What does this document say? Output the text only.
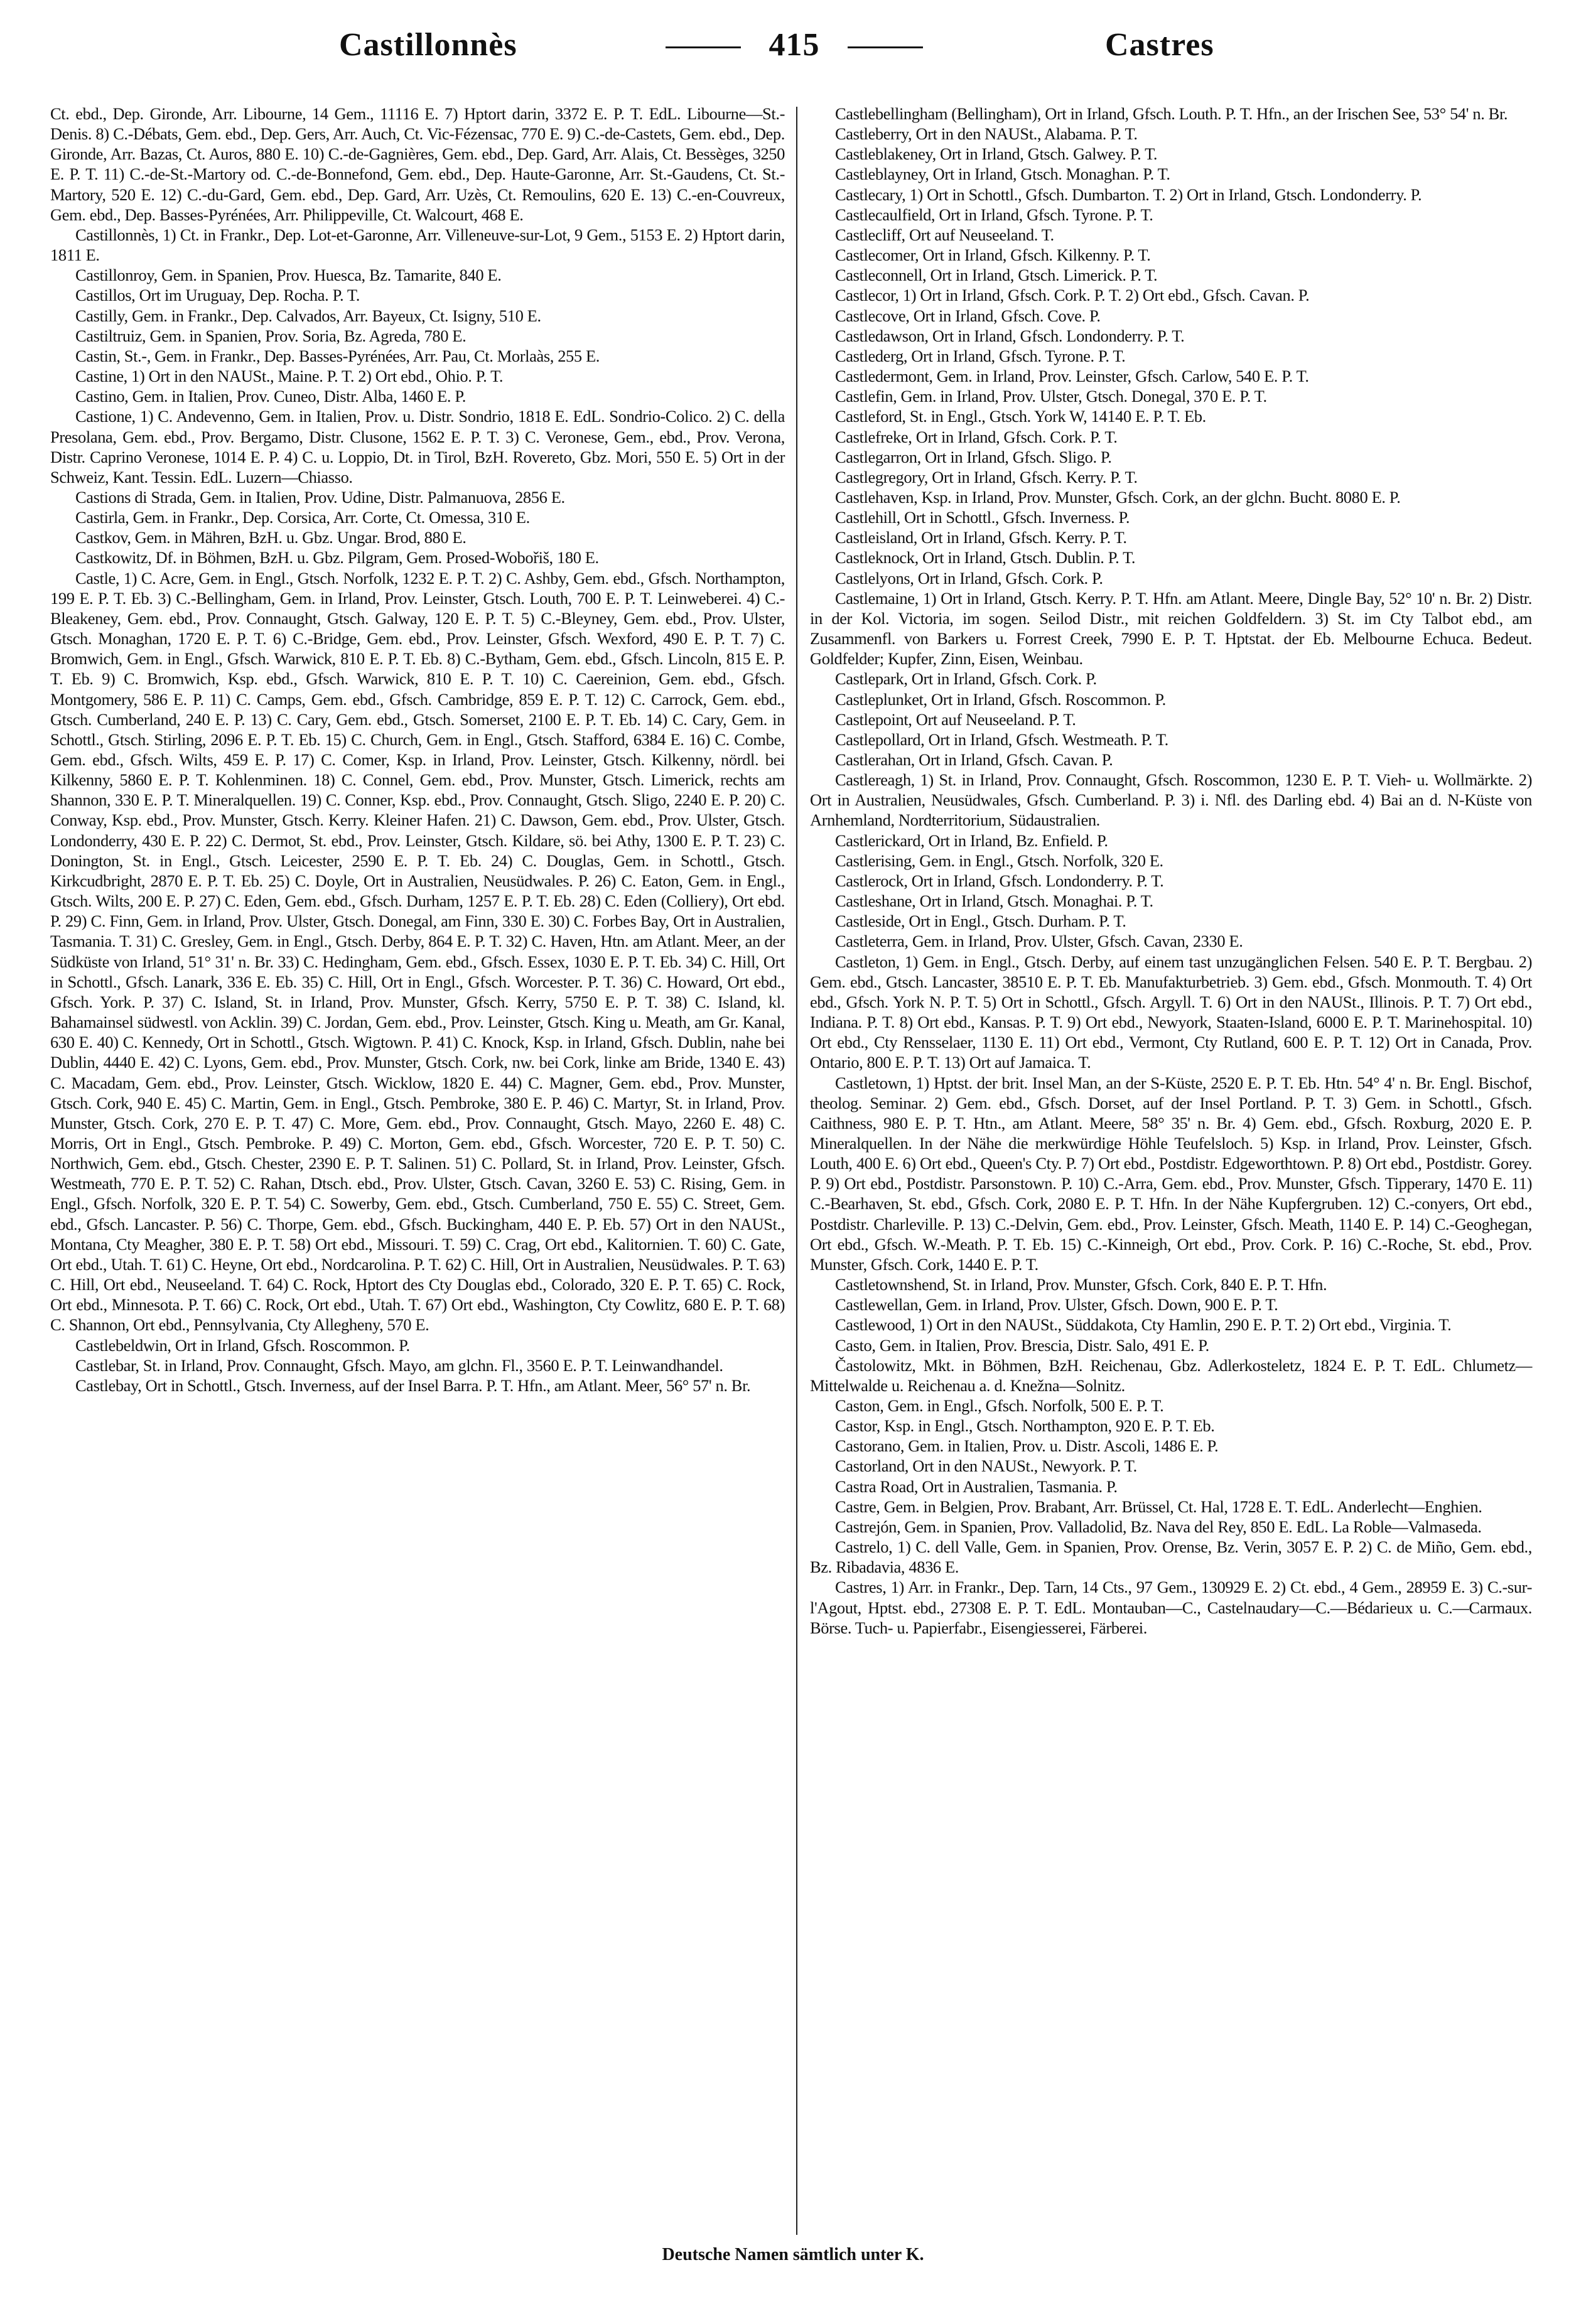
Castillonnès	415	Castres

Ct. ebd., Dep. Gironde, Arr. Libourne, 14 Gem., 11116 E. 7) Hptort darin, 3372 E. P. T. EdL. Libourne—St.-Denis. 8) C.-Débats, Gem. ebd., Dep. Gers, Arr. Auch, Ct. Vic-Fézensac, 770 E. 9) C.-de-Castets, Gem. ebd., Dep. Gironde, Arr. Bazas, Ct. Auros, 880 E. 10) C.-de-Gagnières, Gem. ebd., Dep. Gard, Arr. Alais, Ct. Bessèges, 3250 E. P. T. 11) C.-de-St.-Martory od. C.-de-Bonnefond, Gem. ebd., Dep. Haute-Garonne, Arr. St.-Gaudens, Ct. St.-Martory, 520 E. 12) C.-du-Gard, Gem. ebd., Dep. Gard, Arr. Uzès, Ct. Remoulins, 620 E. 13) C.-en-Couvreux, Gem. ebd., Dep. Basses-Pyrénées, Arr. Philippeville, Ct. Walcourt, 468 E.

Castillonnès, 1) Ct. in Frankr., Dep. Lot-et-Garonne, Arr. Villeneuve-sur-Lot, 9 Gem., 5153 E. 2) Hptort darin, 1811 E.

Castillonroy, Gem. in Spanien, Prov. Huesca, Bz. Tamarite, 840 E.

Castillos, Ort im Uruguay, Dep. Rocha. P. T.

Castilly, Gem. in Frankr., Dep. Calvados, Arr. Bayeux, Ct. Isigny, 510 E.

Castiltruiz, Gem. in Spanien, Prov. Soria, Bz. Agreda, 780 E.

Castin, St.-, Gem. in Frankr., Dep. Basses-Pyrénées, Arr. Pau, Ct. Morlaàs, 255 E.

Castine, 1) Ort in den NAUSt., Maine. P. T. 2) Ort ebd., Ohio. P. T.

Castino, Gem. in Italien, Prov. Cuneo, Distr. Alba, 1460 E. P.

Castione, 1) C. Andevenno, Gem. in Italien, Prov. u. Distr. Sondrio, 1818 E. EdL. Sondrio-Colico. 2) C. della Presolana, Gem. ebd., Prov. Bergamo, Distr. Clusone, 1562 E. P. T. 3) C. Veronese, Gem., ebd., Prov. Verona, Distr. Caprino Veronese, 1014 E. P. 4) C. u. Loppio, Dt. in Tirol, BzH. Rovereto, Gbz. Mori, 550 E. 5) Ort in der Schweiz, Kant. Tessin. EdL. Luzern—Chiasso.

Castions di Strada, Gem. in Italien, Prov. Udine, Distr. Palmanuova, 2856 E.

Castirla, Gem. in Frankr., Dep. Corsica, Arr. Corte, Ct. Omessa, 310 E.

Castkov, Gem. in Mähren, BzH. u. Gbz. Ungar. Brod, 880 E.

Castkowitz, Df. in Böhmen, BzH. u. Gbz. Pilgram, Gem. Prosed-Wobořiš, 180 E.

Castle, 1) C. Acre, Gem. in Engl., Gtsch. Norfolk, 1232 E. P. T. 2) C. Ashby, Gem. ebd., Gfsch. Northampton, 199 E. P. T. Eb. 3) C.-Bellingham, Gem. in Irland, Prov. Leinster, Gtsch. Louth, 700 E. P. T. Leinweberei. 4) C.-Bleakeney, Gem. ebd., Prov. Connaught, Gtsch. Galway, 120 E. P. T. 5) C.-Bleyney, Gem. ebd., Prov. Ulster, Gtsch. Monaghan, 1720 E. P. T. 6) C.-Bridge, Gem. ebd., Prov. Leinster, Gfsch. Wexford, 490 E. P. T. 7) C. Bromwich, Gem. in Engl., Gfsch. Warwick, 810 E. P. T. Eb. 8) C.-Bytham, Gem. ebd., Gfsch. Lincoln, 815 E. P. T. Eb. 9) C. Bromwich, Ksp. ebd., Gfsch. Warwick, 810 E. P. T. 10) C. Caereinion, Gem. ebd., Gfsch. Montgomery, 586 E. P. 11) C. Camps, Gem. ebd., Gfsch. Cambridge, 859 E. P. T. 12) C. Carrock, Gem. ebd., Gtsch. Cumberland, 240 E. P. 13) C. Cary, Gem. ebd., Gtsch. Somerset, 2100 E. P. T. Eb. 14) C. Cary, Gem. in Schottl., Gtsch. Stirling, 2096 E. P. T. Eb. 15) C. Church, Gem. in Engl., Gtsch. Stafford, 6384 E. 16) C. Combe, Gem. ebd., Gfsch. Wilts, 459 E. P. 17) C. Comer, Ksp. in Irland, Prov. Leinster, Gtsch. Kilkenny, nördl. bei Kilkenny, 5860 E. P. T. Kohlenminen. 18) C. Connel, Gem. ebd., Prov. Munster, Gtsch. Limerick, rechts am Shannon, 330 E. P. T. Mineralquellen. 19) C. Conner, Ksp. ebd., Prov. Connaught, Gtsch. Sligo, 2240 E. P. 20) C. Conway, Ksp. ebd., Prov. Munster, Gtsch. Kerry. Kleiner Hafen. 21) C. Dawson, Gem. ebd., Prov. Ulster, Gtsch. Londonderry, 430 E. P. 22) C. Dermot, St. ebd., Prov. Leinster, Gtsch. Kildare, sö. bei Athy, 1300 E. P. T. 23) C. Donington, St. in Engl., Gtsch. Leicester, 2590 E. P. T. Eb. 24) C. Douglas, Gem. in Schottl., Gtsch. Kirkcudbright, 2870 E. P. T. Eb. 25) C. Doyle, Ort in Australien, Neusüdwales. P. 26) C. Eaton, Gem. in Engl., Gtsch. Wilts, 200 E. P. 27) C. Eden, Gem. ebd., Gfsch. Durham, 1257 E. P. T. Eb. 28) C. Eden (Colliery), Ort ebd. P. 29) C. Finn, Gem. in Irland, Prov. Ulster, Gtsch. Donegal, am Finn, 330 E. 30) C. Forbes Bay, Ort in Australien, Tasmania. T. 31) C. Gresley, Gem. in Engl., Gtsch. Derby, 864 E. P. T. 32) C. Haven, Htn. am Atlant. Meer, an der Südküste von Irland, 51° 31' n. Br. 33) C. Hedingham, Gem. ebd., Gfsch. Essex, 1030 E. P. T. Eb. 34) C. Hill, Ort in Schottl., Gfsch. Lanark, 336 E. Eb. 35) C. Hill, Ort in Engl., Gfsch. Worcester. P. T. 36) C. Howard, Ort ebd., Gfsch. York. P. 37) C. Island, St. in Irland, Prov. Munster, Gfsch. Kerry, 5750 E. P. T. 38) C. Island, kl. Bahamainsel südwestl. von Acklin. 39) C. Jordan, Gem. ebd., Prov. Leinster, Gtsch. King u. Meath, am Gr. Kanal, 630 E. 40) C. Kennedy, Ort in Schottl., Gtsch. Wigtown. P. 41) C. Knock, Ksp. in Irland, Gfsch. Dublin, nahe bei Dublin, 4440 E. 42) C. Lyons, Gem. ebd., Prov. Munster, Gtsch. Cork, nw. bei Cork, linke am Bride, 1340 E. 43) C. Macadam, Gem. ebd., Prov. Leinster, Gtsch. Wicklow, 1820 E. 44) C. Magner, Gem. ebd., Prov. Munster, Gtsch. Cork, 940 E. 45) C. Martin, Gem. in Engl., Gtsch. Pembroke, 380 E. P. 46) C. Martyr, St. in Irland, Prov. Munster, Gtsch. Cork, 270 E. P. T. 47) C. More, Gem. ebd., Prov. Connaught, Gtsch. Mayo, 2260 E. 48) C. Morris, Ort in Engl., Gtsch. Pembroke. P. 49) C. Morton, Gem. ebd., Gfsch. Worcester, 720 E. P. T. 50) C. Northwich, Gem. ebd., Gtsch. Chester, 2390 E. P. T. Salinen. 51) C. Pollard, St. in Irland, Prov. Leinster, Gfsch. Westmeath, 770 E. P. T. 52) C. Rahan, Dtsch. ebd., Prov. Ulster, Gtsch. Cavan, 3260 E. 53) C. Rising, Gem. in Engl., Gfsch. Norfolk, 320 E. P. T. 54) C. Sowerby, Gem. ebd., Gtsch. Cumberland, 750 E. 55) C. Street, Gem. ebd., Gfsch. Lancaster. P. 56) C. Thorpe, Gem. ebd., Gfsch. Buckingham, 440 E. P. Eb. 57) Ort in den NAUSt., Montana, Cty Meagher, 380 E. P. T. 58) Ort ebd., Missouri. T. 59) C. Crag, Ort ebd., Kalitornien. T. 60) C. Gate, Ort ebd., Utah. T. 61) C. Heyne, Ort ebd., Nordcarolina. P. T. 62) C. Hill, Ort in Australien, Neusüdwales. P. T. 63) C. Hill, Ort ebd., Neuseeland. T. 64) C. Rock, Hptort des Cty Douglas ebd., Colorado, 320 E. P. T. 65) C. Rock, Ort ebd., Minnesota. P. T. 66) C. Rock, Ort ebd., Utah. T. 67) Ort ebd., Washington, Cty Cowlitz, 680 E. P. T. 68) C. Shannon, Ort ebd., Pennsylvania, Cty Allegheny, 570 E.

Castlebeldwin, Ort in Irland, Gfsch. Roscommon. P.

Castlebar, St. in Irland, Prov. Connaught, Gfsch. Mayo, am glchn. Fl., 3560 E. P. T. Leinwandhandel.

Castlebay, Ort in Schottl., Gtsch. Inverness, auf der Insel Barra. P. T. Hfn., am Atlant. Meer, 56° 57' n. Br.

Castlebellingham (Bellingham), Ort in Irland, Gfsch. Louth. P. T. Hfn., an der Irischen See, 53° 54' n. Br.

Castleberry, Ort in den NAUSt., Alabama. P. T.

Castleblakeney, Ort in Irland, Gtsch. Galwey. P. T.

Castleblayney, Ort in Irland, Gtsch. Monaghan. P. T.

Castlecary, 1) Ort in Schottl., Gfsch. Dumbarton. T. 2) Ort in Irland, Gtsch. Londonderry. P.

Castlecaulfield, Ort in Irland, Gfsch. Tyrone. P. T.

Castlecliff, Ort auf Neuseeland. T.

Castlecomer, Ort in Irland, Gfsch. Kilkenny. P. T.

Castleconnell, Ort in Irland, Gtsch. Limerick. P. T.

Castlecor, 1) Ort in Irland, Gfsch. Cork. P. T. 2) Ort ebd., Gfsch. Cavan. P.

Castlecove, Ort in Irland, Gfsch. Cove. P.

Castledawson, Ort in Irland, Gfsch. Londonderry. P. T.

Castlederg, Ort in Irland, Gfsch. Tyrone. P. T.

Castledermont, Gem. in Irland, Prov. Leinster, Gfsch. Carlow, 540 E. P. T.

Castlefin, Gem. in Irland, Prov. Ulster, Gtsch. Donegal, 370 E. P. T.

Castleford, St. in Engl., Gtsch. York W, 14140 E. P. T. Eb.

Castlefreke, Ort in Irland, Gfsch. Cork. P. T.

Castlegarron, Ort in Irland, Gfsch. Sligo. P.

Castlegregory, Ort in Irland, Gfsch. Kerry. P. T.

Castlehaven, Ksp. in Irland, Prov. Munster, Gfsch. Cork, an der glchn. Bucht. 8080 E. P.

Castlehill, Ort in Schottl., Gfsch. Inverness. P.

Castleisland, Ort in Irland, Gfsch. Kerry. P. T.

Castleknock, Ort in Irland, Gtsch. Dublin. P. T.

Castlelyons, Ort in Irland, Gfsch. Cork. P.

Castlemaine, 1) Ort in Irland, Gtsch. Kerry. P. T. Hfn. am Atlant. Meere, Dingle Bay, 52° 10' n. Br. 2) Distr. in der Kol. Victoria, im sogen. Seilod Distr., mit reichen Goldfeldern. 3) St. im Cty Talbot ebd., am Zusammenfl. von Barkers u. Forrest Creek, 7990 E. P. T. Hptstat. der Eb. Melbourne Echuca. Bedeut. Goldfelder; Kupfer, Zinn, Eisen, Weinbau.

Castlepark, Ort in Irland, Gfsch. Cork. P.

Castleplunket, Ort in Irland, Gfsch. Roscommon. P.

Castlepoint, Ort auf Neuseeland. P. T.

Castlepollard, Ort in Irland, Gfsch. Westmeath. P. T.

Castlerahan, Ort in Irland, Gfsch. Cavan. P.

Castlereagh, 1) St. in Irland, Prov. Connaught, Gfsch. Roscommon, 1230 E. P. T. Vieh- u. Wollmärkte. 2) Ort in Australien, Neusüdwales, Gfsch. Cumberland. P. 3) i. Nfl. des Darling ebd. 4) Bai an d. N-Küste von Arnhemland, Nordterritorium, Südaustralien.

Castlerickard, Ort in Irland, Bz. Enfield. P.

Castlerising, Gem. in Engl., Gtsch. Norfolk, 320 E.

Castlerock, Ort in Irland, Gfsch. Londonderry. P. T.

Castleshane, Ort in Irland, Gtsch. Monaghai. P. T.

Castleside, Ort in Engl., Gtsch. Durham. P. T.

Castleterra, Gem. in Irland, Prov. Ulster, Gfsch. Cavan, 2330 E.

Castleton, 1) Gem. in Engl., Gtsch. Derby, auf einem tast unzugänglichen Felsen. 540 E. P. T. Bergbau. 2) Gem. ebd., Gtsch. Lancaster, 38510 E. P. T. Eb. Manufakturbetrieb. 3) Gem. ebd., Gfsch. Monmouth. T. 4) Ort ebd., Gfsch. York N. P. T. 5) Ort in Schottl., Gfsch. Argyll. T. 6) Ort in den NAUSt., Illinois. P. T. 7) Ort ebd., Indiana. P. T. 8) Ort ebd., Kansas. P. T. 9) Ort ebd., Newyork, Staaten-Island, 6000 E. P. T. Marinehospital. 10) Ort ebd., Cty Rensselaer, 1130 E. 11) Ort ebd., Vermont, Cty Rutland, 600 E. P. T. 12) Ort in Canada, Prov. Ontario, 800 E. P. T. 13) Ort auf Jamaica. T.

Castletown, 1) Hptst. der brit. Insel Man, an der S-Küste, 2520 E. P. T. Eb. Htn. 54° 4' n. Br. Engl. Bischof, theolog. Seminar. 2) Gem. ebd., Gfsch. Dorset, auf der Insel Portland. P. T. 3) Gem. in Schottl., Gfsch. Caithness, 980 E. P. T. Htn., am Atlant. Meere, 58° 35' n. Br. 4) Gem. ebd., Gfsch. Roxburg, 2020 E. P. Mineralquellen. In der Nähe die merkwürdige Höhle Teufelsloch. 5) Ksp. in Irland, Prov. Leinster, Gfsch. Louth, 400 E. 6) Ort ebd., Queen's Cty. P. 7) Ort ebd., Postdistr. Edgeworthtown. P. 8) Ort ebd., Postdistr. Gorey. P. 9) Ort ebd., Postdistr. Parsonstown. P. 10) C.-Arra, Gem. ebd., Prov. Munster, Gfsch. Tipperary, 1470 E. 11) C.-Bearhaven, St. ebd., Gfsch. Cork, 2080 E. P. T. Hfn. In der Nähe Kupfergruben. 12) C.-conyers, Ort ebd., Postdistr. Charleville. P. 13) C.-Delvin, Gem. ebd., Prov. Leinster, Gfsch. Meath, 1140 E. P. 14) C.-Geoghegan, Ort ebd., Gfsch. W.-Meath. P. T. Eb. 15) C.-Kinneigh, Ort ebd., Prov. Cork. P. 16) C.-Roche, St. ebd., Prov. Munster, Gfsch. Cork, 1440 E. P. T.

Castletownshend, St. in Irland, Prov. Munster, Gfsch. Cork, 840 E. P. T. Hfn.

Castlewellan, Gem. in Irland, Prov. Ulster, Gfsch. Down, 900 E. P. T.

Castlewood, 1) Ort in den NAUSt., Süddakota, Cty Hamlin, 290 E. P. T. 2) Ort ebd., Virginia. T.

Casto, Gem. in Italien, Prov. Brescia, Distr. Salo, 491 E. P.

Častolowitz, Mkt. in Böhmen, BzH. Reichenau, Gbz. Adlerkosteletz, 1824 E. P. T. EdL. Chlumetz—Mittelwalde u. Reichenau a. d. Knežna—Solnitz.

Caston, Gem. in Engl., Gfsch. Norfolk, 500 E. P. T.

Castor, Ksp. in Engl., Gtsch. Northampton, 920 E. P. T. Eb.

Castorano, Gem. in Italien, Prov. u. Distr. Ascoli, 1486 E. P.

Castorland, Ort in den NAUSt., Newyork. P. T.

Castra Road, Ort in Australien, Tasmania. P.

Castre, Gem. in Belgien, Prov. Brabant, Arr. Brüssel, Ct. Hal, 1728 E. T. EdL. Anderlecht—Enghien.

Castrejón, Gem. in Spanien, Prov. Valladolid, Bz. Nava del Rey, 850 E. EdL. La Roble—Valmaseda.

Castrelo, 1) C. dell Valle, Gem. in Spanien, Prov. Orense, Bz. Verin, 3057 E. P. 2) C. de Miño, Gem. ebd., Bz. Ribadavia, 4836 E.

Castres, 1) Arr. in Frankr., Dep. Tarn, 14 Cts., 97 Gem., 130929 E. 2) Ct. ebd., 4 Gem., 28959 E. 3) C.-sur-l'Agout, Hptst. ebd., 27308 E. P. T. EdL. Montauban—C., Castelnaudary—C.—Bédarieux u. C.—Carmaux. Börse. Tuch- u. Papierfabr., Eisengiesserei, Färberei.

Deutsche Namen sämtlich unter K.
